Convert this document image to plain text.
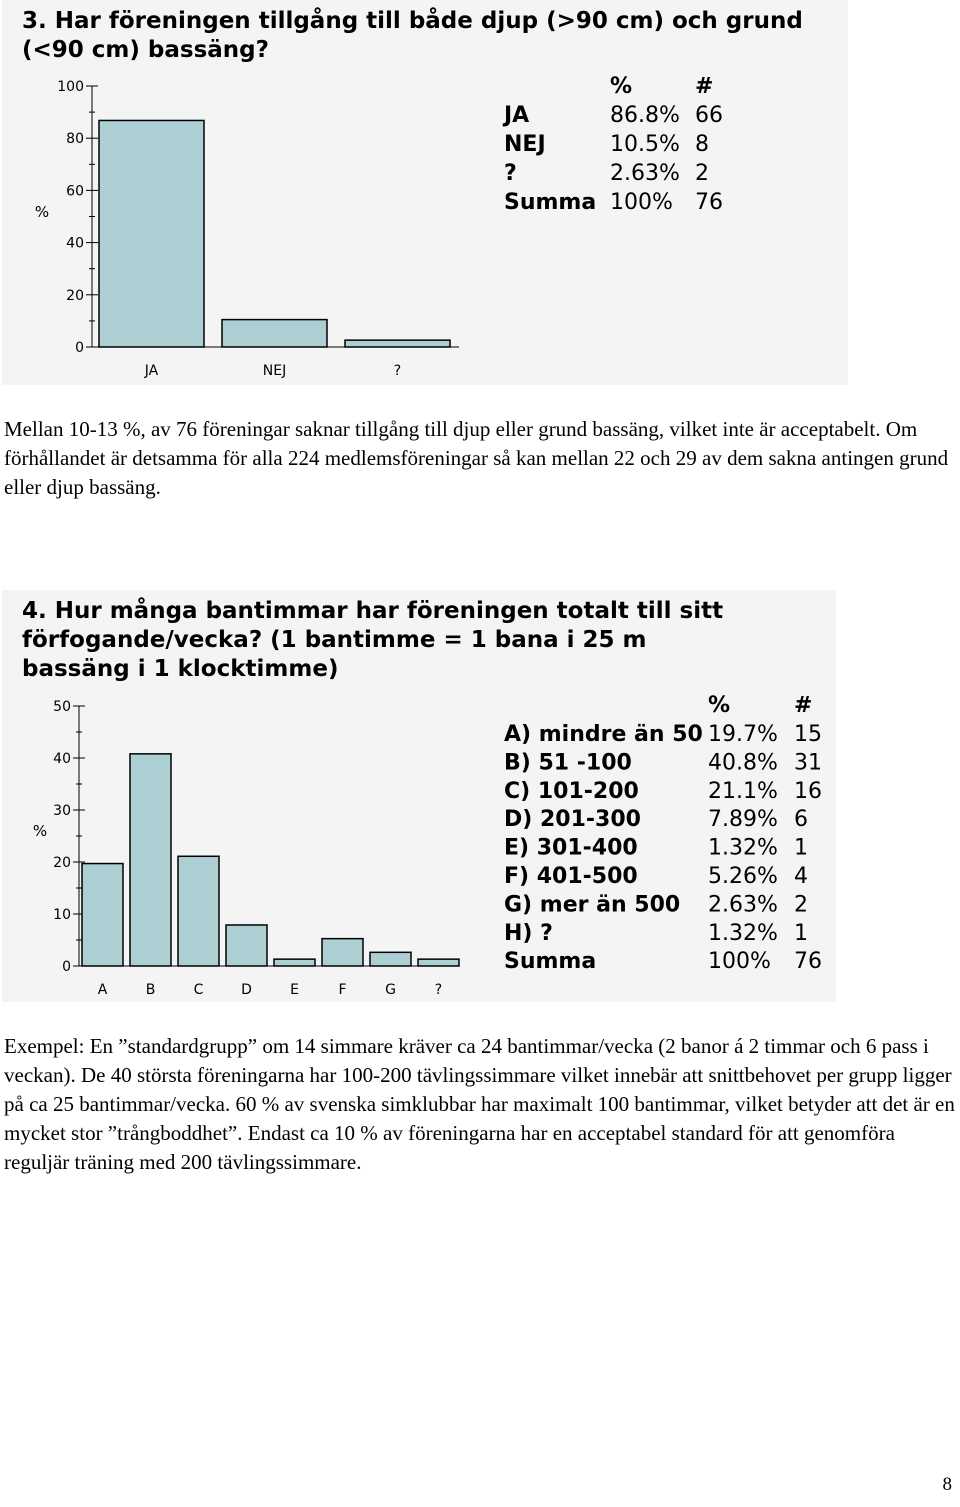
0
20
40
60
80
100
%
JA	NEJ	?
%	#
JA	86.8% 66
NEJ	10.5% 8
?	2.63% 2
Summa 100% 76
3. Har föreningen tillgång till både djup (>90 cm) och grund (<90 cm) bassäng?

Mellan 10-13 %, av 76 föreningar saknar tillgång till djup eller grund bassäng, vilket inte är acceptabelt. Om förhållandet är detsamma för alla 224 medlemsföreningar så kan mellan 22 och 29 av dem sakna antingen grund eller djup bassäng.

0
10
20
30
40
50
%
A	B	C	D	E	F	G	?
%	#
A) mindre än 50 19.7% 15
B) 51 -100	40.8% 31
C) 101-200	21.1% 16
D) 201-300	7.89% 6
E) 301-400	1.32% 1
F) 401-500	5.26% 4
G) mer än 500 2.63% 2
H) ?	1.32% 1
Summa	100% 76
4. Hur många bantimmar har föreningen totalt till sitt förfogande/vecka? (1 bantimme = 1 bana i 25 m bassäng i 1 klocktimme)

Exempel: En ”standardgrupp” om 14 simmare kräver ca 24 bantimmar/vecka (2 banor á 2 timmar och 6 pass i veckan). De 40 största föreningarna har 100-200 tävlingssimmare vilket innebär att snittbehovet per grupp ligger på ca 25 bantimmar/vecka. 60 % av svenska simklubbar har maximalt 100 bantimmar, vilket betyder att det är en mycket stor ”trångboddhet”. Endast ca 10 % av föreningarna har en acceptabel standard för att genomföra reguljär träning med 200 tävlingssimmare.

8
